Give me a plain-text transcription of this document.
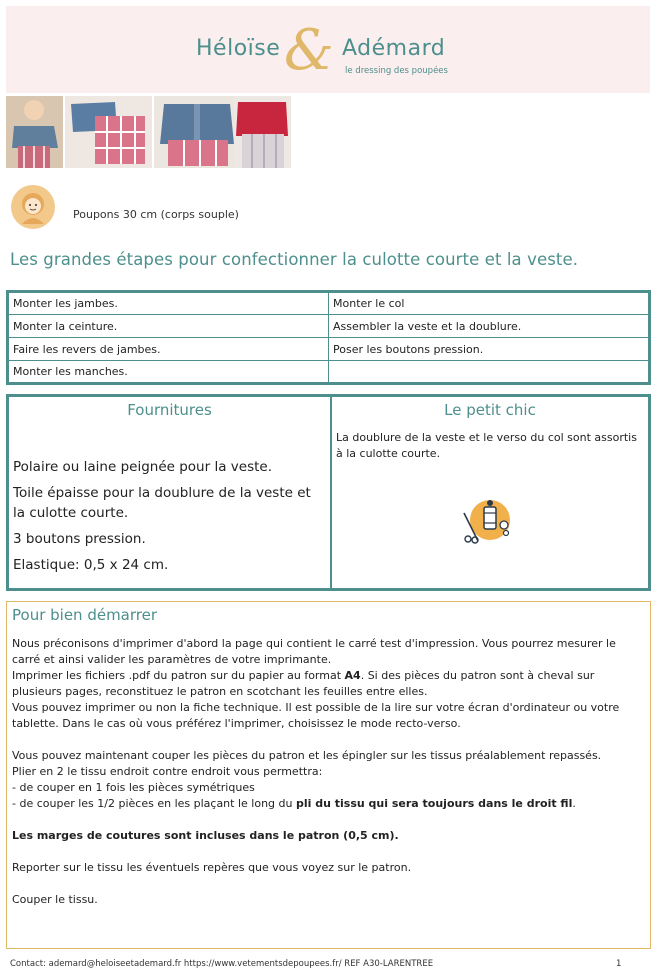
Héloïse & Adémard
le dressing des poupées
Poupons 30 cm (corps souple)
Les grandes étapes pour confectionner la culotte courte et la veste.
Monter les jambes.	Monter le col
Monter la ceinture.	Assembler la veste et la doublure.
Faire les revers de jambes.	Poser les boutons pression.
Monter les manches.	
Fournitures
Polaire ou laine peignée pour la veste.
Toile épaisse pour la doublure de la veste et la culotte courte.
3 boutons pression.
Elastique: 0,5 x 24 cm.
Le petit chic
La doublure de la veste et le verso du col sont assortis à la culotte courte.
Pour bien démarrer

Nous préconisons d'imprimer d'abord la page qui contient le carré test d'impression. Vous pourrez mesurer le carré et ainsi valider les paramètres de votre imprimante.

Imprimer les fichiers .pdf du patron sur du papier au format A4. Si des pièces du patron sont à cheval sur plusieurs pages, reconstituez le patron en scotchant les feuilles entre elles.

Vous pouvez imprimer ou non la fiche technique. Il est possible de la lire sur votre écran d'ordinateur ou votre tablette. Dans le cas où vous préférez l'imprimer, choisissez le mode recto-verso.

Vous pouvez maintenant couper les pièces du patron et les épingler sur les tissus préalablement repassés.

Plier en 2 le tissu endroit contre endroit vous permettra:

- de couper en 1 fois les pièces symétriques

- de couper les 1/2 pièces en les plaçant le long du pli du tissu qui sera toujours dans le droit fil.

Les marges de coutures sont incluses dans le patron (0,5 cm).

Reporter sur le tissu les éventuels repères que vous voyez sur le patron.

Couper le tissu.

Contact: ademard@heloiseetademard.fr https://www.vetementsdepoupees.fr/ REF A30-LARENTREE	1
